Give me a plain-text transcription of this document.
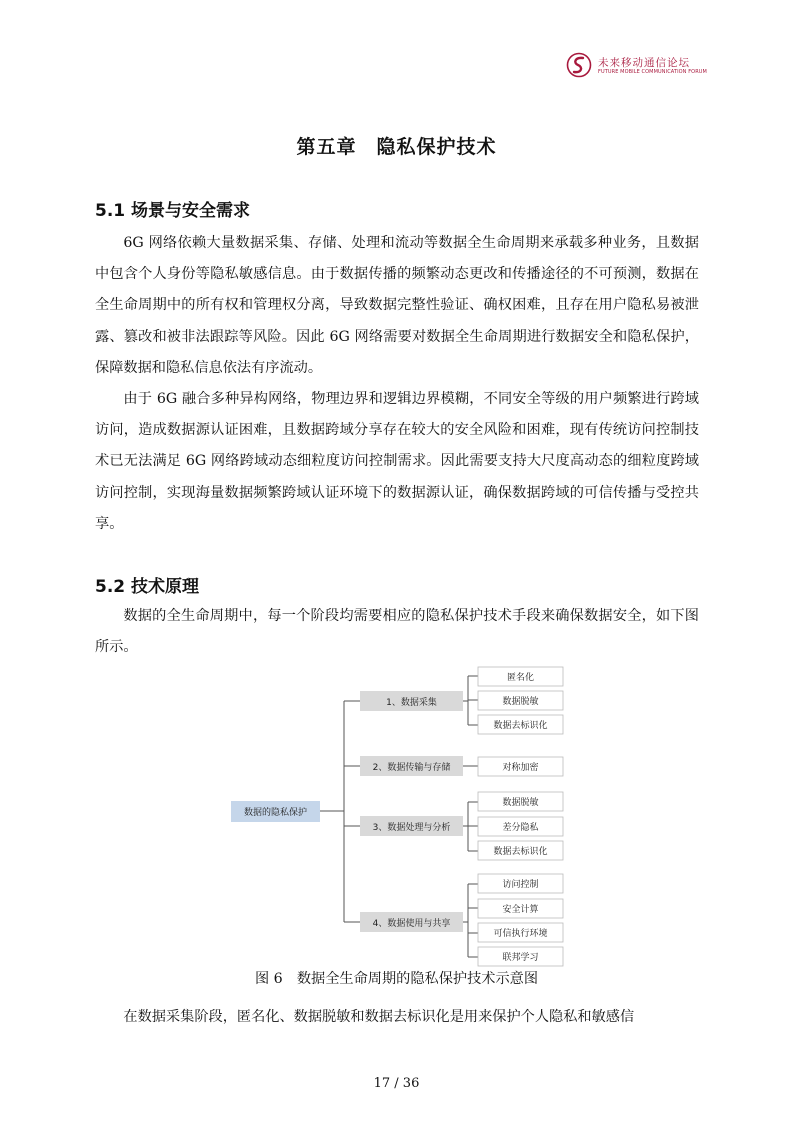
未来移动通信论坛
FUTURE MOBILE COMMUNICATION FORUM
第五章　隐私保护技术
5.1 场景与安全需求

6G 网络依赖大量数据采集、存储、处理和流动等数据全生命周期来承载多种业务，且数据中包含个人身份等隐私敏感信息。由于数据传播的频繁动态更改和传播途径的不可预测，数据在全生命周期中的所有权和管理权分离，导致数据完整性验证、确权困难，且存在用户隐私易被泄露、篡改和被非法跟踪等风险。因此 6G 网络需要对数据全生命周期进行数据安全和隐私保护，保障数据和隐私信息依法有序流动。

由于 6G 融合多种异构网络，物理边界和逻辑边界模糊，不同安全等级的用户频繁进行跨域访问，造成数据源认证困难，且数据跨域分享存在较大的安全风险和困难，现有传统访问控制技术已无法满足 6G 网络跨域动态细粒度访问控制需求。因此需要支持大尺度高动态的细粒度跨域访问控制，实现海量数据频繁跨域认证环境下的数据源认证，确保数据跨域的可信传播与受控共享。

5.2 技术原理

数据的全生命周期中，每一个阶段均需要相应的隐私保护技术手段来确保数据安全，如下图所示。

数据的隐私保护
1、数据采集
2、数据传输与存储
3、数据处理与分析
4、数据使用与共享
匿名化
数据脱敏
数据去标识化
对称加密
数据脱敏
差分隐私
数据去标识化
访问控制
安全计算
可信执行环境
联邦学习
图 6　数据全生命周期的隐私保护技术示意图

在数据采集阶段，匿名化、数据脱敏和数据去标识化是用来保护个人隐私和敏感信

17 / 36
